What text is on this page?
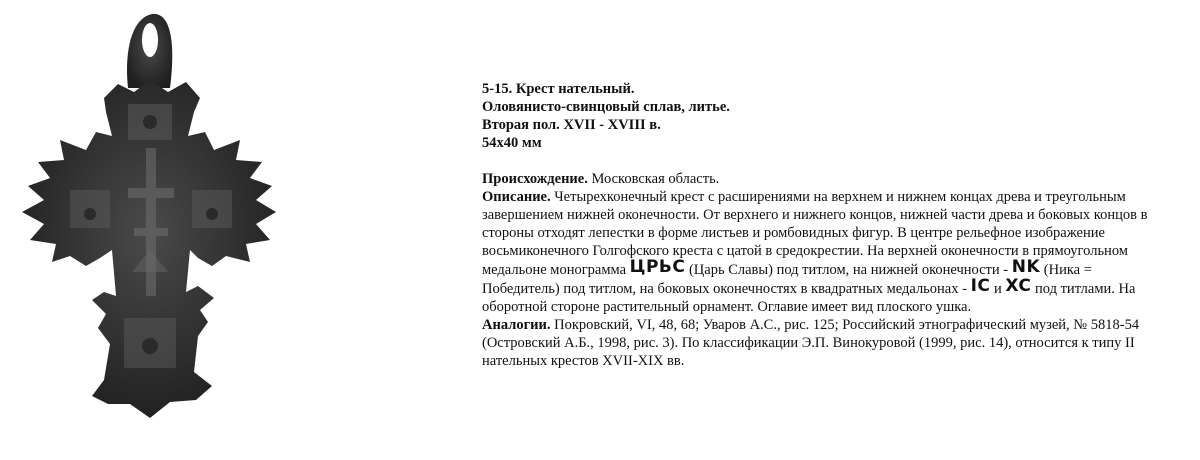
5-15. Крест нательный.
Оловянисто-свинцовый сплав, литье.
Вторая пол. XVII - XVIII в.
54x40 мм

Происхождение. Московская область.

Описание. Четырехконечный крест с расширениями на верхнем и нижнем концах древа и треугольным завершением нижней оконечности. От верхнего и нижнего концов, нижней части древа и боковых концов в стороны отходят лепестки в форме листьев и ромбовидных фигур. В центре рельефное изображение восьмиконечного Голгофского креста с цатой в средокрестии. На верхней оконечности в прямоугольном медальоне монограмма ЦРЬС (Царь Славы) под титлом, на нижней оконечности - NK (Ника = Победитель) под титлом, на боковых оконечностях в квадратных медальонах - IC и XC под титлами. На оборотной стороне растительный орнамент. Оглавие имеет вид плоского ушка.

Аналогии. Покровский, VI, 48, 68; Уваров А.С., рис. 125; Российский этнографический музей, № 5818-54 (Островский А.Б., 1998, рис. 3). По классификации Э.П. Винокуровой (1999, рис. 14), относится к типу II нательных крестов XVII-XIX вв.
